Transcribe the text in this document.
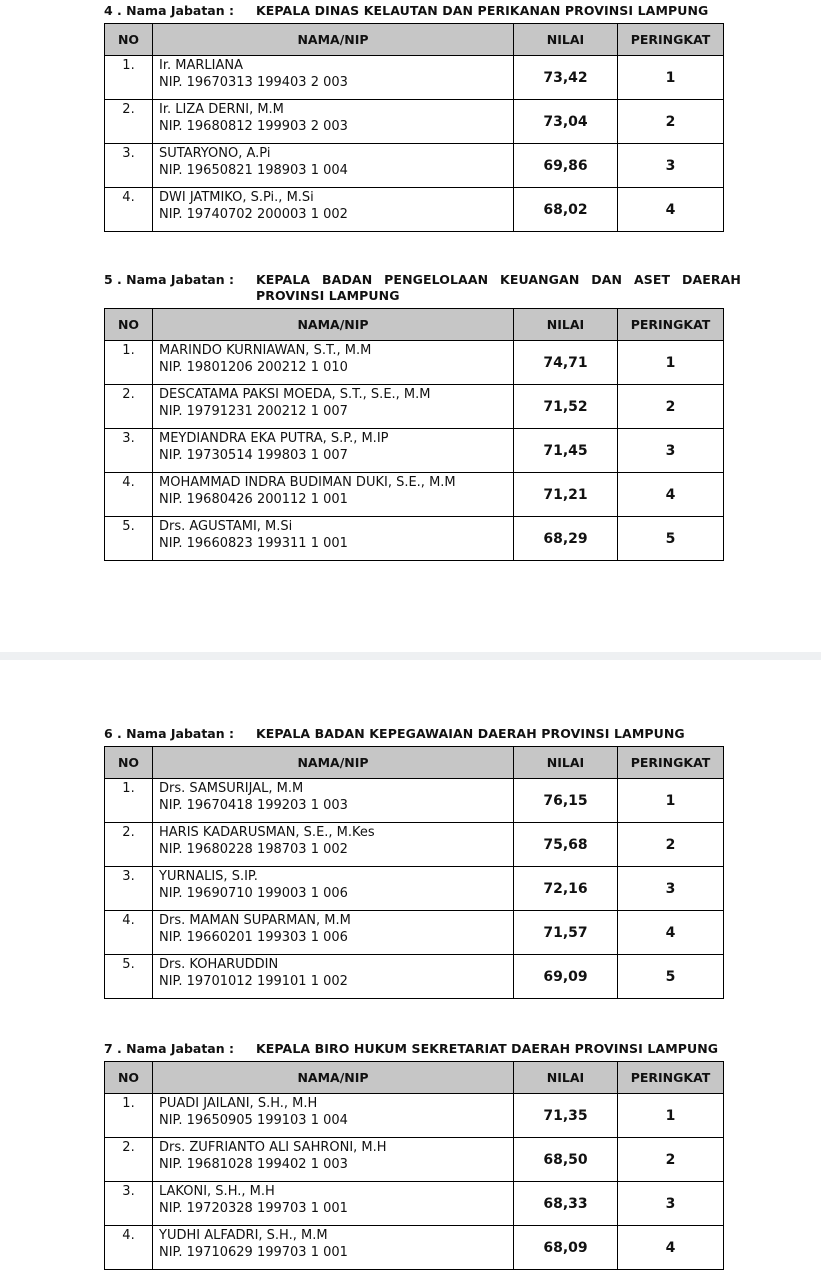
4 . Nama Jabatan :	KEPALA DINAS KELAUTAN DAN PERIKANAN PROVINSI LAMPUNG
NO	NAMA/NIP	NILAI	PERINGKAT
1.	Ir. MARLIANA
NIP. 19670313 199403 2 003	73,42	1
2.	Ir. LIZA DERNI, M.M
NIP. 19680812 199903 2 003	73,04	2
3.	SUTARYONO, A.Pi
NIP. 19650821 198903 1 004	69,86	3
4.	DWI JATMIKO, S.Pi., M.Si
NIP. 19740702 200003 1 002	68,02	4
5 . Nama Jabatan :	KEPALA BADAN PENGELOLAAN KEUANGAN DAN ASET DAERAH PROVINSI LAMPUNG
NO	NAMA/NIP	NILAI	PERINGKAT
1.	MARINDO KURNIAWAN, S.T., M.M
NIP. 19801206 200212 1 010	74,71	1
2.	DESCATAMA PAKSI MOEDA, S.T., S.E., M.M
NIP. 19791231 200212 1 007	71,52	2
3.	MEYDIANDRA EKA PUTRA, S.P., M.IP
NIP. 19730514 199803 1 007	71,45	3
4.	MOHAMMAD INDRA BUDIMAN DUKI, S.E., M.M
NIP. 19680426 200112 1 001	71,21	4
5.	Drs. AGUSTAMI, M.Si
NIP. 19660823 199311 1 001	68,29	5
6 . Nama Jabatan :	KEPALA BADAN KEPEGAWAIAN DAERAH PROVINSI LAMPUNG
NO	NAMA/NIP	NILAI	PERINGKAT
1.	Drs. SAMSURIJAL, M.M
NIP. 19670418 199203 1 003	76,15	1
2.	HARIS KADARUSMAN, S.E., M.Kes
NIP. 19680228 198703 1 002	75,68	2
3.	YURNALIS, S.IP.
NIP. 19690710 199003 1 006	72,16	3
4.	Drs. MAMAN SUPARMAN, M.M
NIP. 19660201 199303 1 006	71,57	4
5.	Drs. KOHARUDDIN
NIP. 19701012 199101 1 002	69,09	5
7 . Nama Jabatan :	KEPALA BIRO HUKUM SEKRETARIAT DAERAH PROVINSI LAMPUNG
NO	NAMA/NIP	NILAI	PERINGKAT
1.	PUADI JAILANI, S.H., M.H
NIP. 19650905 199103 1 004	71,35	1
2.	Drs. ZUFRIANTO ALI SAHRONI, M.H
NIP. 19681028 199402 1 003	68,50	2
3.	LAKONI, S.H., M.H
NIP. 19720328 199703 1 001	68,33	3
4.	YUDHI ALFADRI, S.H., M.M
NIP. 19710629 199703 1 001	68,09	4
